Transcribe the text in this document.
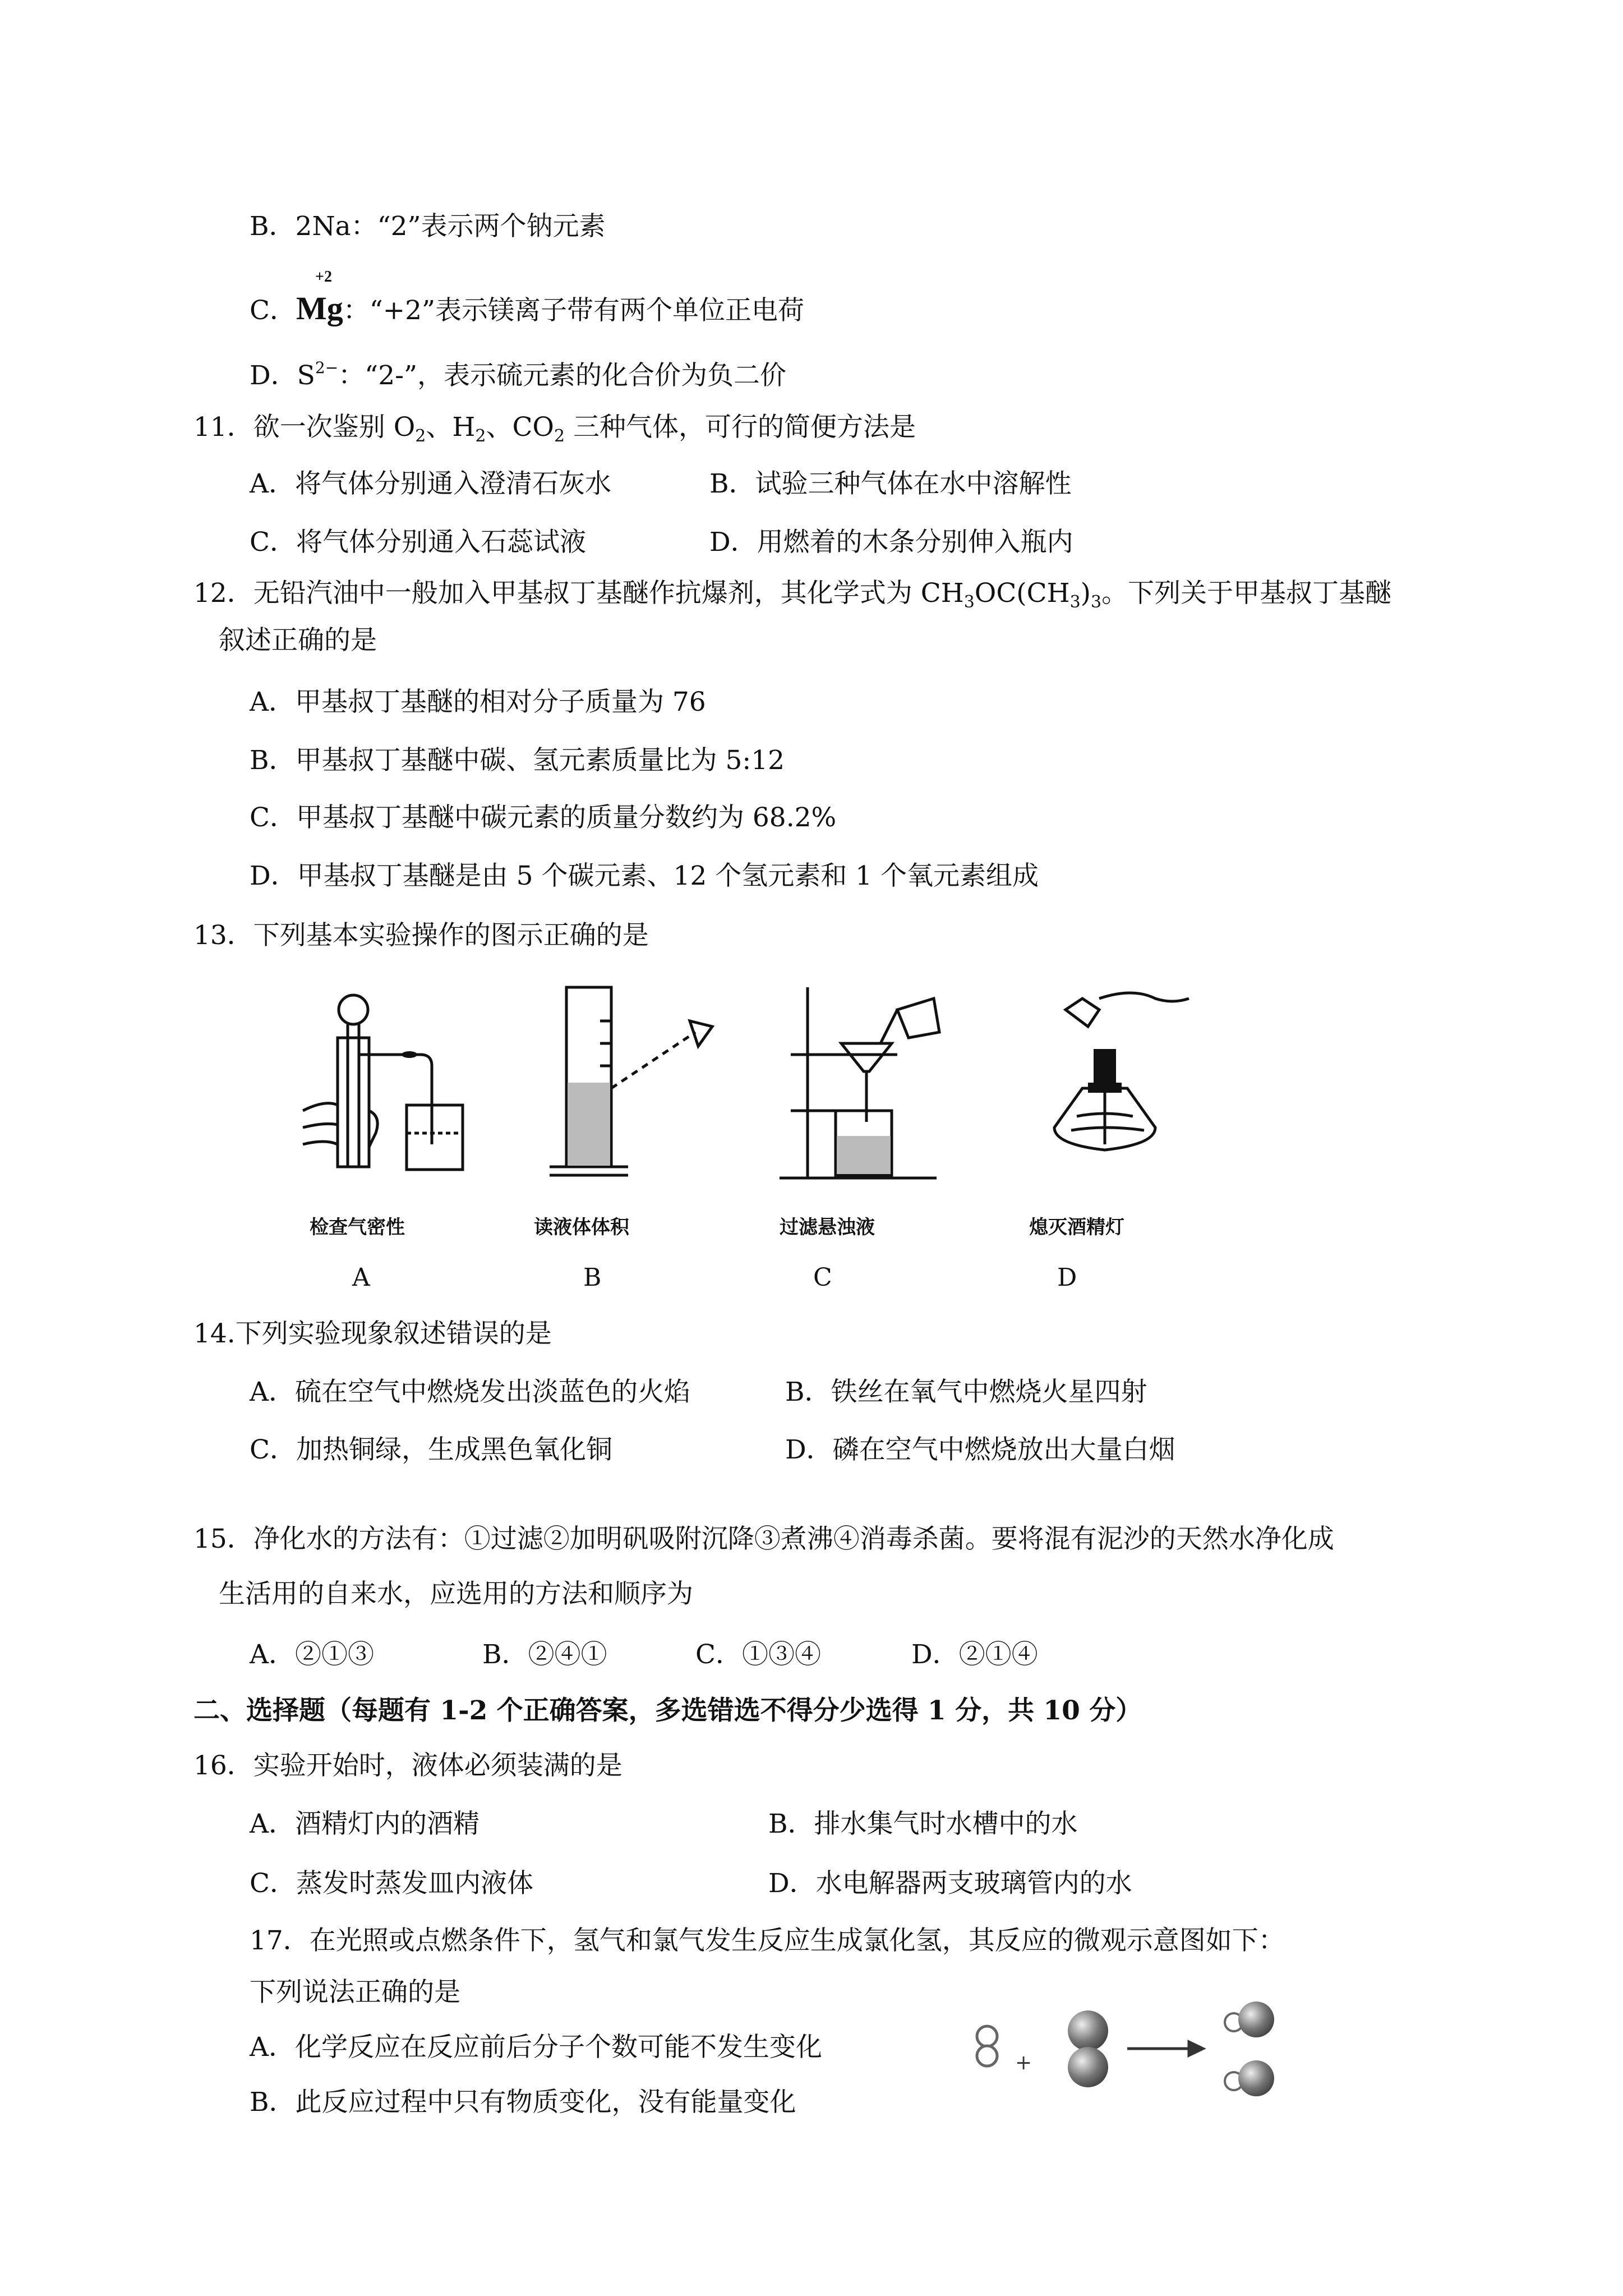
B．2Na：“2”表示两个钠元素
C．Mg：“+2”表示镁离子带有两个单位正电荷
+2
D．$S^{2-}$：“2-”，表示硫元素的化合价为负二价
11．欲一次鉴别 $O_2$、$H_2$、$CO_2$ 三种气体，可行的简便方法是
A．将气体分别通入澄清石灰水	B．试验三种气体在水中溶解性
C．将气体分别通入石蕊试液	D．用燃着的木条分别伸入瓶内
12．无铅汽油中一般加入甲基叔丁基醚作抗爆剂，其化学式为 $CH_3OC(CH_3)_3$。下列关于甲基叔丁基醚
叙述正确的是
A．甲基叔丁基醚的相对分子质量为 76
B．甲基叔丁基醚中碳、氢元素质量比为 5:12
C．甲基叔丁基醚中碳元素的质量分数约为 68.2%
D．甲基叔丁基醚是由 5 个碳元素、12 个氢元素和 1 个氧元素组成
13．下列基本实验操作的图示正确的是
检查气密性
A
读液体体积
B
过滤悬浊液
C
熄灭酒精灯
D
14.下列实验现象叙述错误的是
A．硫在空气中燃烧发出淡蓝色的火焰	B．铁丝在氧气中燃烧火星四射
C．加热铜绿，生成黑色氧化铜	D．磷在空气中燃烧放出大量白烟
15．净化水的方法有：①过滤②加明矾吸附沉降③煮沸④消毒杀菌。要将混有泥沙的天然水净化成
生活用的自来水，应选用的方法和顺序为
A．②①③	B．②④①	C．①③④	D．②①④
二、选择题（每题有 1-2 个正确答案，多选错选不得分少选得 1 分，共 10 分）
16．实验开始时，液体必须装满的是
A．酒精灯内的酒精	B．排水集气时水槽中的水
C．蒸发时蒸发皿内液体	D．水电解器两支玻璃管内的水
17．在光照或点燃条件下，氢气和氯气发生反应生成氯化氢，其反应的微观示意图如下：
下列说法正确的是
A．化学反应在反应前后分子个数可能不发生变化
B．此反应过程中只有物质变化，没有能量变化
+
